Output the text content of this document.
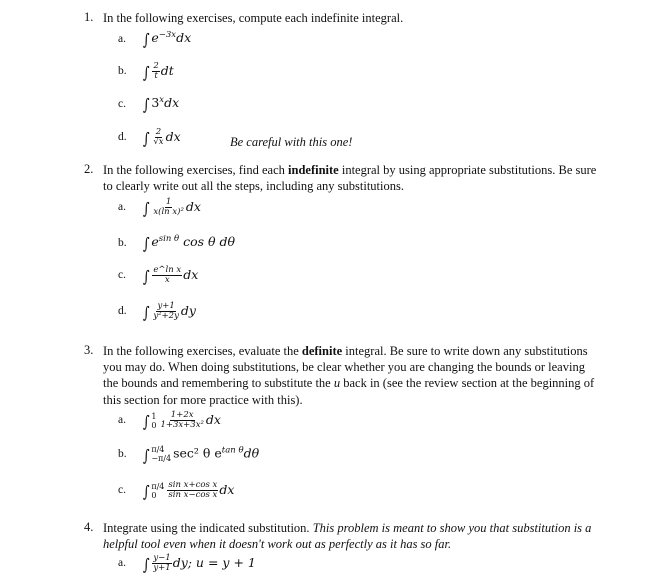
1. In the following exercises, compute each indefinite integral.
a. ∫ $e^{-3x}dx$
b. ∫ $\frac{2}{t}$ dt
c. ∫ 3$^x$dx
d. ∫ $\frac{2}{√x}$ dx	Be careful with this one!
2. In the following exercises, find each indefinite integral by using appropriate substitutions. Be sure to clearly write out all the steps, including any substitutions.
a. ∫ $\frac{1}{\text{x(ln x)²}}$ dx
b. ∫ $e^{sin \theta}$ cos θ dθ
c. ∫ $\frac{\text{e\textasciicircum{}ln x}}{x}$ dx
d. ∫ $\frac{y+1}{\text{y²+2y}}$ dy
3. In the following exercises, evaluate the definite integral. Be sure to write down any substitutions you may do. When doing substitutions, be clear whether you are changing the bounds or leaving the bounds and remembering to substitute the u back in (see the review section at the beginning of this section for more practice with this).
a. ∫ 1
$0 \frac{1+2x}{\text{1+3x+3x²}}$ dx
b. ∫ π/4
−π/4 sec² θ $e^{tan \theta}d\theta$
c. ∫ π/4
0	$\frac{\text{sin x+cos x}}{\text{sin x−cos x}}$ dx
4. Integrate using the indicated substitution. This problem is meant to show you that substitution is a helpful tool even when it doesn't work out as perfectly as it has so far.
a. ∫ $\frac{y-1}{y+1}$ dy; u = y + 1
